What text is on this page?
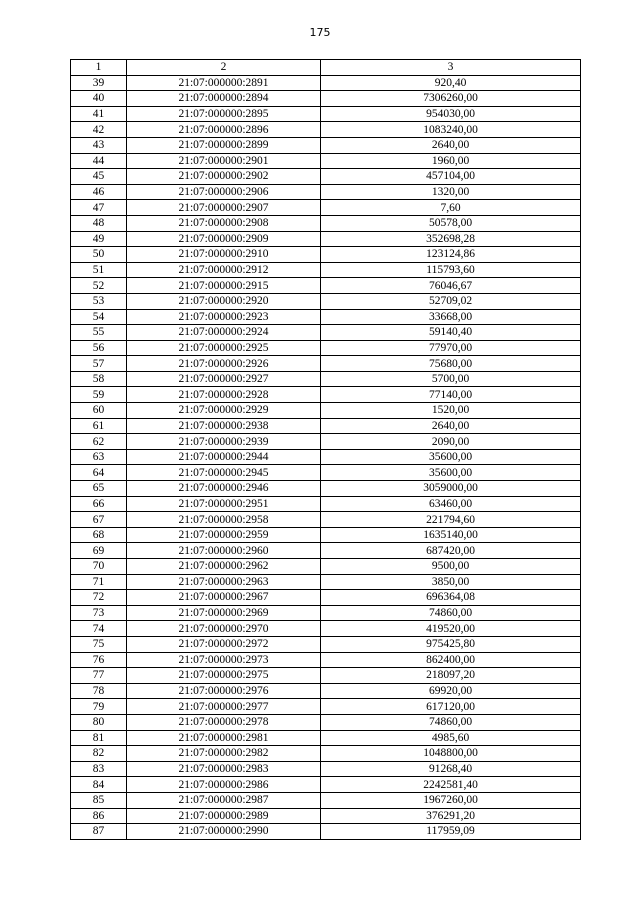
175
1	2	3
39	21:07:000000:2891	920,40
40	21:07:000000:2894	7306260,00
41	21:07:000000:2895	954030,00
42	21:07:000000:2896	1083240,00
43	21:07:000000:2899	2640,00
44	21:07:000000:2901	1960,00
45	21:07:000000:2902	457104,00
46	21:07:000000:2906	1320,00
47	21:07:000000:2907	7,60
48	21:07:000000:2908	50578,00
49	21:07:000000:2909	352698,28
50	21:07:000000:2910	123124,86
51	21:07:000000:2912	115793,60
52	21:07:000000:2915	76046,67
53	21:07:000000:2920	52709,02
54	21:07:000000:2923	33668,00
55	21:07:000000:2924	59140,40
56	21:07:000000:2925	77970,00
57	21:07:000000:2926	75680,00
58	21:07:000000:2927	5700,00
59	21:07:000000:2928	77140,00
60	21:07:000000:2929	1520,00
61	21:07:000000:2938	2640,00
62	21:07:000000:2939	2090,00
63	21:07:000000:2944	35600,00
64	21:07:000000:2945	35600,00
65	21:07:000000:2946	3059000,00
66	21:07:000000:2951	63460,00
67	21:07:000000:2958	221794,60
68	21:07:000000:2959	1635140,00
69	21:07:000000:2960	687420,00
70	21:07:000000:2962	9500,00
71	21:07:000000:2963	3850,00
72	21:07:000000:2967	696364,08
73	21:07:000000:2969	74860,00
74	21:07:000000:2970	419520,00
75	21:07:000000:2972	975425,80
76	21:07:000000:2973	862400,00
77	21:07:000000:2975	218097,20
78	21:07:000000:2976	69920,00
79	21:07:000000:2977	617120,00
80	21:07:000000:2978	74860,00
81	21:07:000000:2981	4985,60
82	21:07:000000:2982	1048800,00
83	21:07:000000:2983	91268,40
84	21:07:000000:2986	2242581,40
85	21:07:000000:2987	1967260,00
86	21:07:000000:2989	376291,20
87	21:07:000000:2990	117959,09
